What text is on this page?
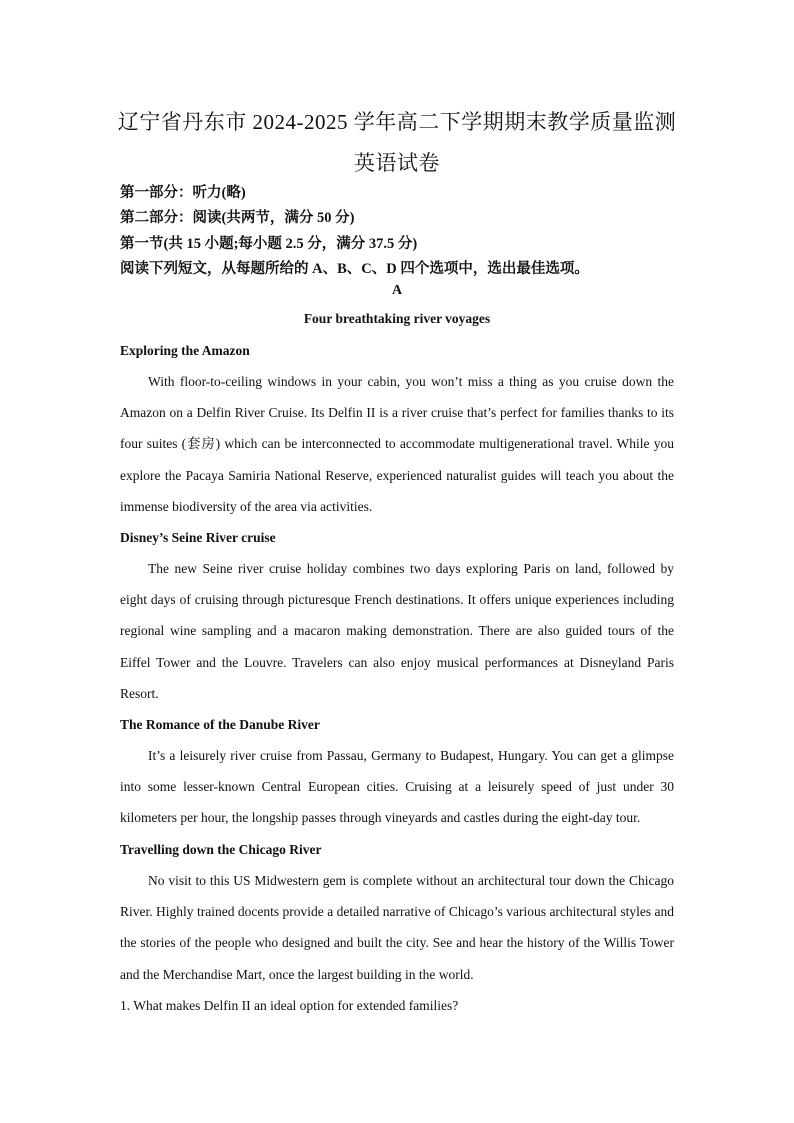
辽宁省丹东市 2024-2025 学年高二下学期期末教学质量监测
英语试卷
第一部分：听力(略)
第二部分：阅读(共两节，满分 50 分)
第一节(共 15 小题;每小题 2.5 分，满分 37.5 分)
阅读下列短文，从每题所给的 A、B、C、D 四个选项中，选出最佳选项。
A
Four breathtaking river voyages
Exploring the Amazon
With floor-to-ceiling windows in your cabin, you won’t miss a thing as you cruise down the Amazon on a Delfin River Cruise. Its Delfin II is a river cruise that’s perfect for families thanks to its four suites (套房) which can be interconnected to accommodate multigenerational travel. While you explore the Pacaya Samiria National Reserve, experienced naturalist guides will teach you about the immense biodiversity of the area via activities.
Disney’s Seine River cruise
The new Seine river cruise holiday combines two days exploring Paris on land, followed by eight days of cruising through picturesque French destinations. It offers unique experiences including regional wine sampling and a macaron making demonstration. There are also guided tours of the Eiffel Tower and the Louvre. Travelers can also enjoy musical performances at Disneyland Paris Resort.
The Romance of the Danube River
It’s a leisurely river cruise from Passau, Germany to Budapest, Hungary. You can get a glimpse into some lesser-known Central European cities. Cruising at a leisurely speed of just under 30 kilometers per hour, the longship passes through vineyards and castles during the eight-day tour.
Travelling down the Chicago River
No visit to this US Midwestern gem is complete without an architectural tour down the Chicago River. Highly trained docents provide a detailed narrative of Chicago’s various architectural styles and the stories of the people who designed and built the city. See and hear the history of the Willis Tower and the Merchandise Mart, once the largest building in the world.
1. What makes Delfin II an ideal option for extended families?
